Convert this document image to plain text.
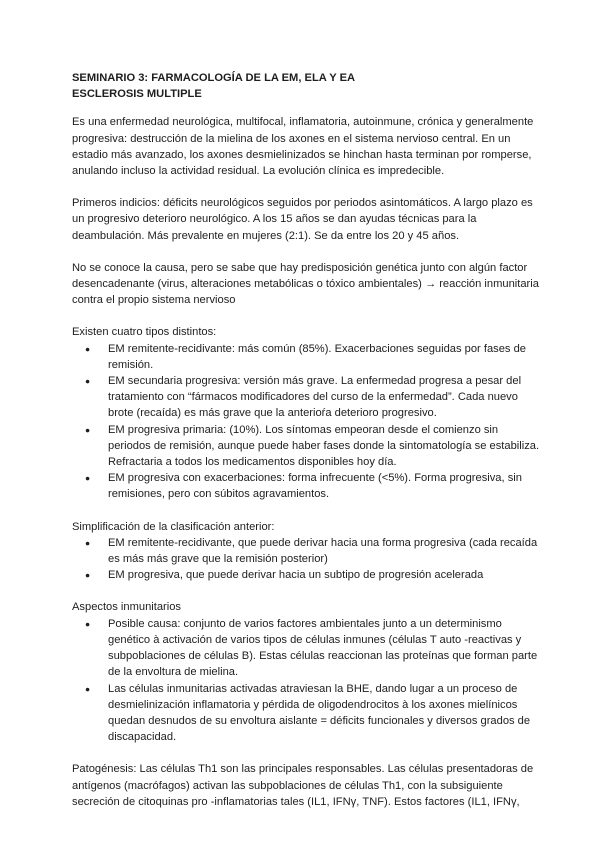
SEMINARIO 3: FARMACOLOGÍA DE LA EM, ELA Y EA
ESCLEROSIS MULTIPLE

Es una enfermedad neurológica, multifocal, inflamatoria, autoinmune, crónica y generalmente progresiva: destrucción de la mielina de los axones en el sistema nervioso central. En un estadio más avanzado, los axones desmielinizados se hinchan hasta terminan por romperse, anulando incluso la actividad residual. La evolución clínica es impredecible.

Primeros indicios: déficits neurológicos seguidos por periodos asintomáticos. A largo plazo es un progresivo deterioro neurológico. A los 15 años se dan ayudas técnicas para la deambulación. Más prevalente en mujeres (2:1). Se da entre los 20 y 45 años.

No se conoce la causa, pero se sabe que hay predisposición genética junto con algún factor desencadenante (virus, alteraciones metabólicas o tóxico ambientales) → reacción inmunitaria contra el propio sistema nervioso

Existen cuatro tipos distintos:

● EM remitente-recidivante: más común (85%). Exacerbaciones seguidas por fases de remisión.
● EM secundaria progresiva: versión más grave. La enfermedad progresa a pesar del tratamiento con “fármacos modificadores del curso de la enfermedad”. Cada nuevo brote (recaída) es más grave que la anterioŕa deterioro progresivo.
● EM progresiva primaria: (10%). Los síntomas empeoran desde el comienzo sin periodos de remisión, aunque puede haber fases donde la sintomatología se estabiliza. Refractaria a todos los medicamentos disponibles hoy día.
● EM progresiva con exacerbaciones: forma infrecuente (<5%). Forma progresiva, sin remisiones, pero con súbitos agravamientos.

Simplificación de la clasificación anterior:

● EM remitente-recidivante, que puede derivar hacia una forma progresiva (cada recaída es más más grave que la remisión posterior)
● EM progresiva, que puede derivar hacia un subtipo de progresión acelerada

Aspectos inmunitarios

● Posible causa: conjunto de varios factores ambientales junto a un determinismo genético à activación de varios tipos de células inmunes (células T auto -reactivas y subpoblaciones de células B). Estas células reaccionan las proteínas que forman parte de la envoltura de mielina.
● Las células inmunitarias activadas atraviesan la BHE, dando lugar a un proceso de desmielinización inflamatoria y pérdida de oligodendrocitos à los axones mielínicos quedan desnudos de su envoltura aislante = déficits funcionales y diversos grados de discapacidad.

Patogénesis: Las células Th1 son las principales responsables. Las células presentadoras de antígenos (macrófagos) activan las subpoblaciones de células Th1, con la subsiguiente secreción de citoquinas pro -inflamatorias tales (IL1, IFNγ, TNF). Estos factores (IL1, IFNγ,
